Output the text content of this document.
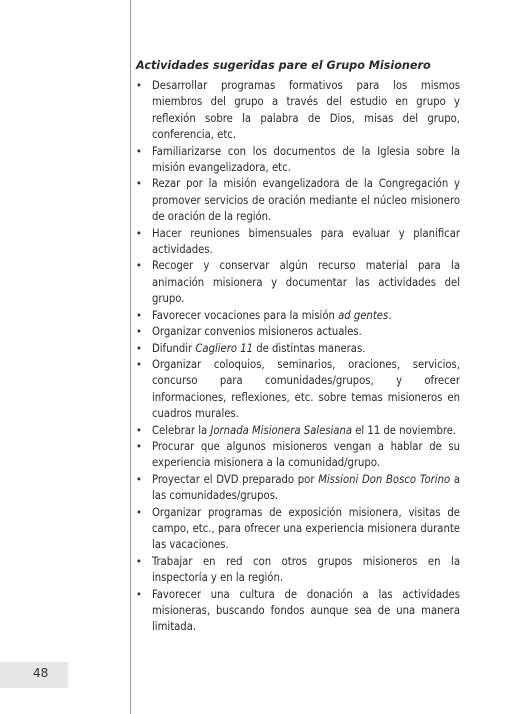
Actividades sugeridas pare el Grupo Misionero
• Desarrollar programas formativos para los mismos miembros del grupo a través del estudio en grupo y reflexión sobre la palabra de Dios, misas del grupo, conferencia, etc.
• Familiarizarse con los documentos de la Iglesia sobre la misión evangelizadora, etc.
• Rezar por la misión evangelizadora de la Congregación y promover servicios de oración mediante el núcleo misionero de oración de la región.
• Hacer reuniones bimensuales para evaluar y planificar actividades.
• Recoger y conservar algún recurso material para la animación misionera y documentar las actividades del grupo.
• Favorecer vocaciones para la misión ad gentes.
• Organizar convenios misioneros actuales.
• Difundir Cagliero 11 de distintas maneras.
• Organizar coloquios, seminarios, oraciones, servicios, concurso para comunidades/grupos, y ofrecer informaciones, reflexiones, etc. sobre temas misioneros en cuadros murales.
• Celebrar la Jornada Misionera Salesiana el 11 de noviembre.
• Procurar que algunos misioneros vengan a hablar de su experiencia misionera a la comunidad/grupo.
• Proyectar el DVD preparado por Missioni Don Bosco Torino a las comunidades/grupos.
• Organizar programas de exposición misionera, visitas de campo, etc., para ofrecer una experiencia misionera durante las vacaciones.
• Trabajar en red con otros grupos misioneros en la inspectoría y en la región.
• Favorecer una cultura de donación a las actividades misioneras, buscando fondos aunque sea de una manera limitada.
48
